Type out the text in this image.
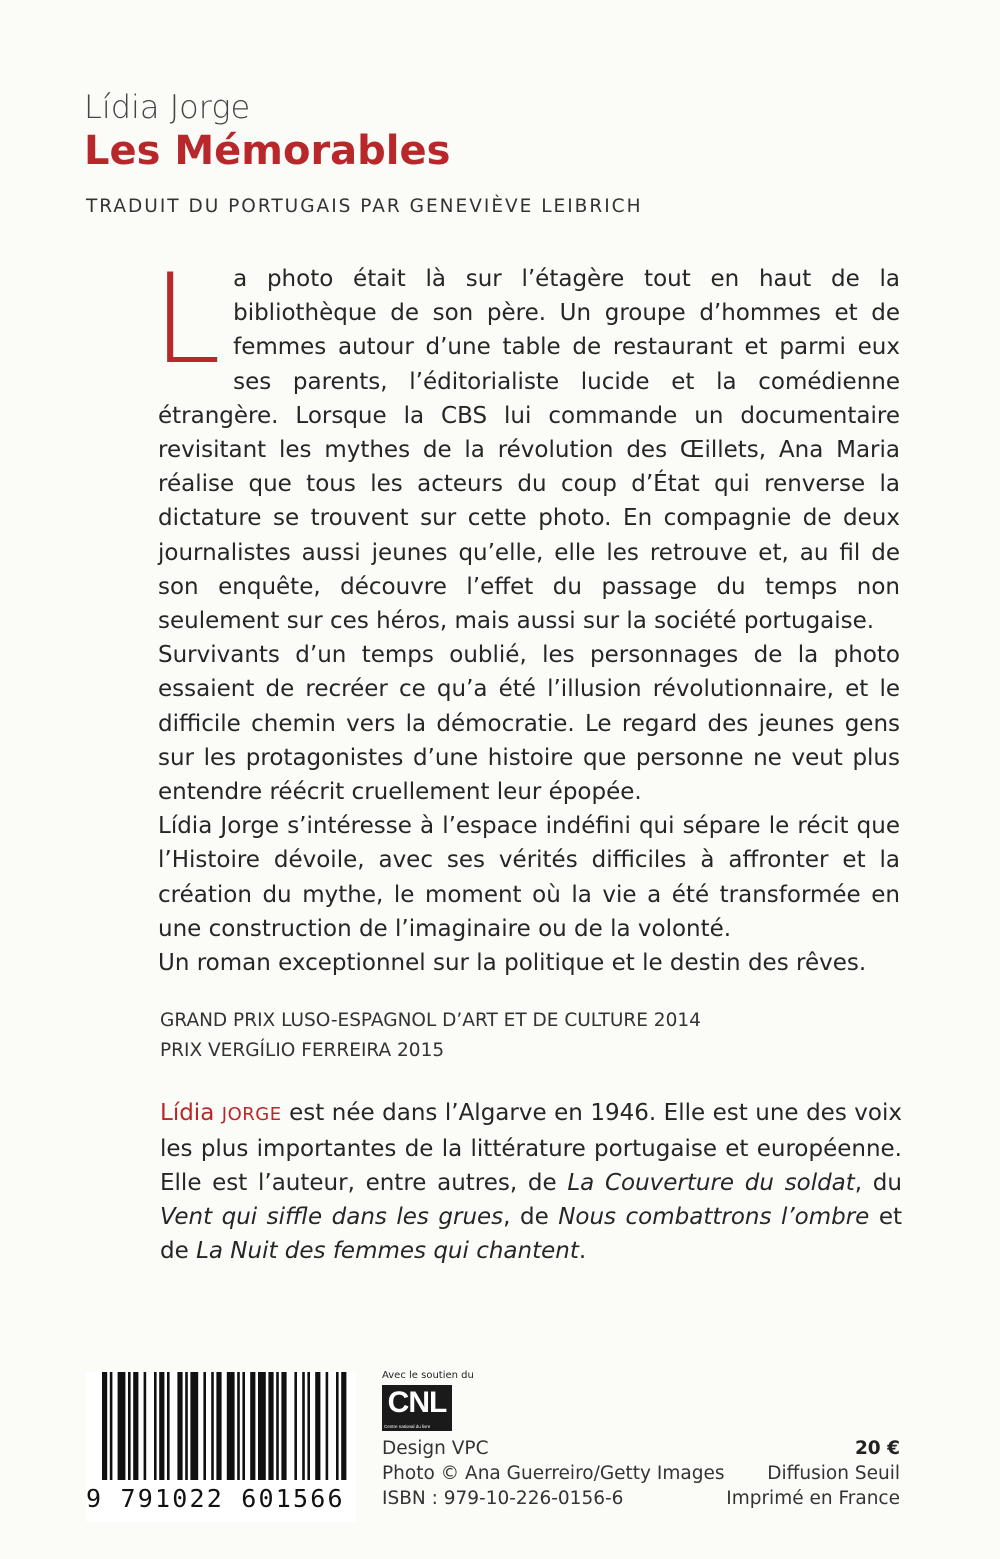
Lídia Jorge
Les Mémorables
TRADUIT DU PORTUGAIS PAR GENEVIÈVE LEIBRICH
L a photo était là sur l’étagère tout en haut de la bibliothèque de son père. Un groupe d’hommes et de femmes autour d’une table de restaurant et parmi eux ses parents, l’éditorialiste lucide et la comédienne étrangère. Lorsque la CBS lui commande un documentaire revisitant les mythes de la révolution des Œillets, Ana Maria réalise que tous les acteurs du coup d’État qui renverse la dictature se trouvent sur cette photo. En compagnie de deux journalistes aussi jeunes qu’elle, elle les retrouve et, au fil de son enquête, découvre l’effet du passage du temps non seulement sur ces héros, mais aussi sur la société portugaise.

Survivants d’un temps oublié, les personnages de la photo essaient de recréer ce qu’a été l’illusion révolutionnaire, et le difficile chemin vers la démocratie. Le regard des jeunes gens sur les protagonistes d’une histoire que personne ne veut plus entendre réécrit cruellement leur épopée.

Lídia Jorge s’intéresse à l’espace indéfini qui sépare le récit que l’Histoire dévoile, avec ses vérités difficiles à affronter et la création du mythe, le moment où la vie a été transformée en une construction de l’imaginaire ou de la volonté.

Un roman exceptionnel sur la politique et le destin des rêves.

GRAND PRIX LUSO-ESPAGNOL D’ART ET DE CULTURE 2014
PRIX VERGÍLIO FERREIRA 2015
Lídia JORGE est née dans l’Algarve en 1946. Elle est une des voix les plus importantes de la littérature portugaise et européenne. Elle est l’auteur, entre autres, de La Couverture du soldat, du Vent qui siffle dans les grues, de Nous combattrons l’ombre et de La Nuit des femmes qui chantent.
9 791022 601566
Avec le soutien du
CNL
Centre national du livre
Design VPC
Photo © Ana Guerreiro/Getty Images
ISBN : 979-10-226-0156-6
20 €
Diffusion Seuil
Imprimé en France
